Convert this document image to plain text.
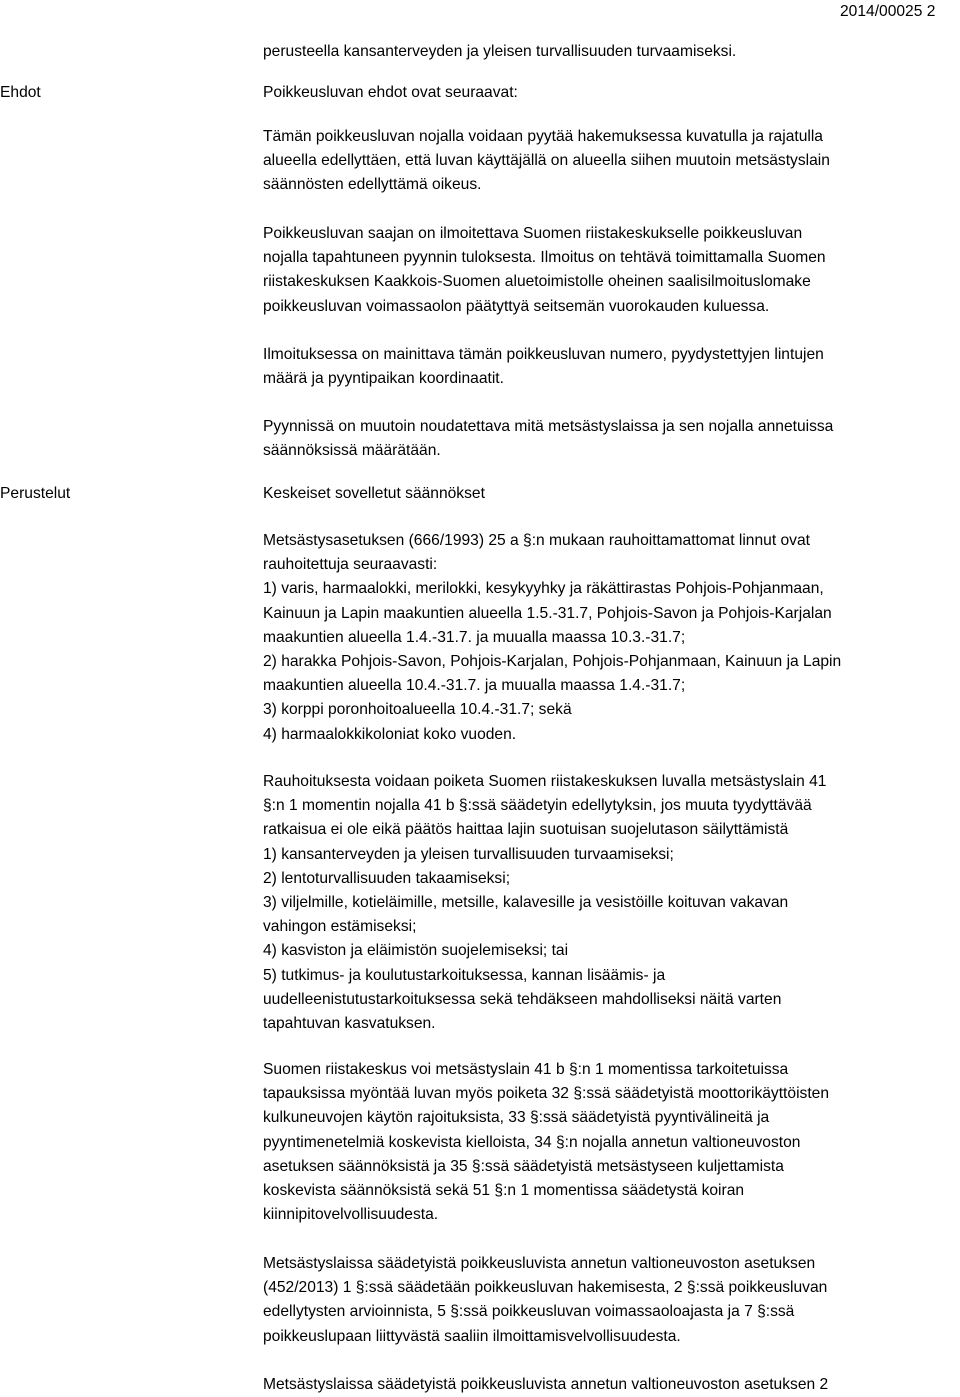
2014/00025 2
Ehdot
Perustelut
perusteella kansanterveyden ja yleisen turvallisuuden turvaamiseksi.
Poikkeusluvan ehdot ovat seuraavat:
Tämän poikkeusluvan nojalla voidaan pyytää hakemuksessa kuvatulla ja rajatulla
alueella edellyttäen, että luvan käyttäjällä on alueella siihen muutoin metsästyslain
säännösten edellyttämä oikeus.
Poikkeusluvan saajan on ilmoitettava Suomen riistakeskukselle poikkeusluvan
nojalla tapahtuneen pyynnin tuloksesta. Ilmoitus on tehtävä toimittamalla Suomen
riistakeskuksen Kaakkois-Suomen aluetoimistolle oheinen saalisilmoituslomake
poikkeusluvan voimassaolon päätyttyä seitsemän vuorokauden kuluessa.
Ilmoituksessa on mainittava tämän poikkeusluvan numero, pyydystettyjen lintujen
määrä ja pyyntipaikan koordinaatit.
Pyynnissä on muutoin noudatettava mitä metsästyslaissa ja sen nojalla annetuissa
säännöksissä määrätään.
Keskeiset sovelletut säännökset
Metsästysasetuksen (666/1993) 25 a §:n mukaan rauhoittamattomat linnut ovat
rauhoitettuja seuraavasti:
1) varis, harmaalokki, merilokki, kesykyyhky ja räkättirastas Pohjois-Pohjanmaan,
Kainuun ja Lapin maakuntien alueella 1.5.-31.7, Pohjois-Savon ja Pohjois-Karjalan
maakuntien alueella 1.4.-31.7. ja muualla maassa 10.3.-31.7;
2) harakka Pohjois-Savon, Pohjois-Karjalan, Pohjois-Pohjanmaan, Kainuun ja Lapin
maakuntien alueella 10.4.-31.7. ja muualla maassa 1.4.-31.7;
3) korppi poronhoitoalueella 10.4.-31.7; sekä
4) harmaalokkikoloniat koko vuoden.
Rauhoituksesta voidaan poiketa Suomen riistakeskuksen luvalla metsästyslain 41
§:n 1 momentin nojalla 41 b §:ssä säädetyin edellytyksin, jos muuta tyydyttävää
ratkaisua ei ole eikä päätös haittaa lajin suotuisan suojelutason säilyttämistä
1) kansanterveyden ja yleisen turvallisuuden turvaamiseksi;
2) lentoturvallisuuden takaamiseksi;
3) viljelmille, kotieläimille, metsille, kalavesille ja vesistöille koituvan vakavan
vahingon estämiseksi;
4) kasviston ja eläimistön suojelemiseksi; tai
5) tutkimus- ja koulutustarkoituksessa, kannan lisäämis- ja
uudelleenistutustarkoituksessa sekä tehdäkseen mahdolliseksi näitä varten
tapahtuvan kasvatuksen.
Suomen riistakeskus voi metsästyslain 41 b §:n 1 momentissa tarkoitetuissa
tapauksissa myöntää luvan myös poiketa 32 §:ssä säädetyistä moottorikäyttöisten
kulkuneuvojen käytön rajoituksista, 33 §:ssä säädetyistä pyyntivälineitä ja
pyyntimenetelmiä koskevista kielloista, 34 §:n nojalla annetun valtioneuvoston
asetuksen säännöksistä ja 35 §:ssä säädetyistä metsästyseen kuljettamista
koskevista säännöksistä sekä 51 §:n 1 momentissa säädetystä koiran
kiinnipitovelvollisuudesta.
Metsästyslaissa säädetyistä poikkeusluvista annetun valtioneuvoston asetuksen
(452/2013) 1 §:ssä säädetään poikkeusluvan hakemisesta, 2 §:ssä poikkeusluvan
edellytysten arvioinnista, 5 §:ssä poikkeusluvan voimassaoloajasta ja 7 §:ssä
poikkeuslupaan liittyvästä saaliin ilmoittamisvelvollisuudesta.
Metsästyslaissa säädetyistä poikkeusluvista annetun valtioneuvoston asetuksen 2
